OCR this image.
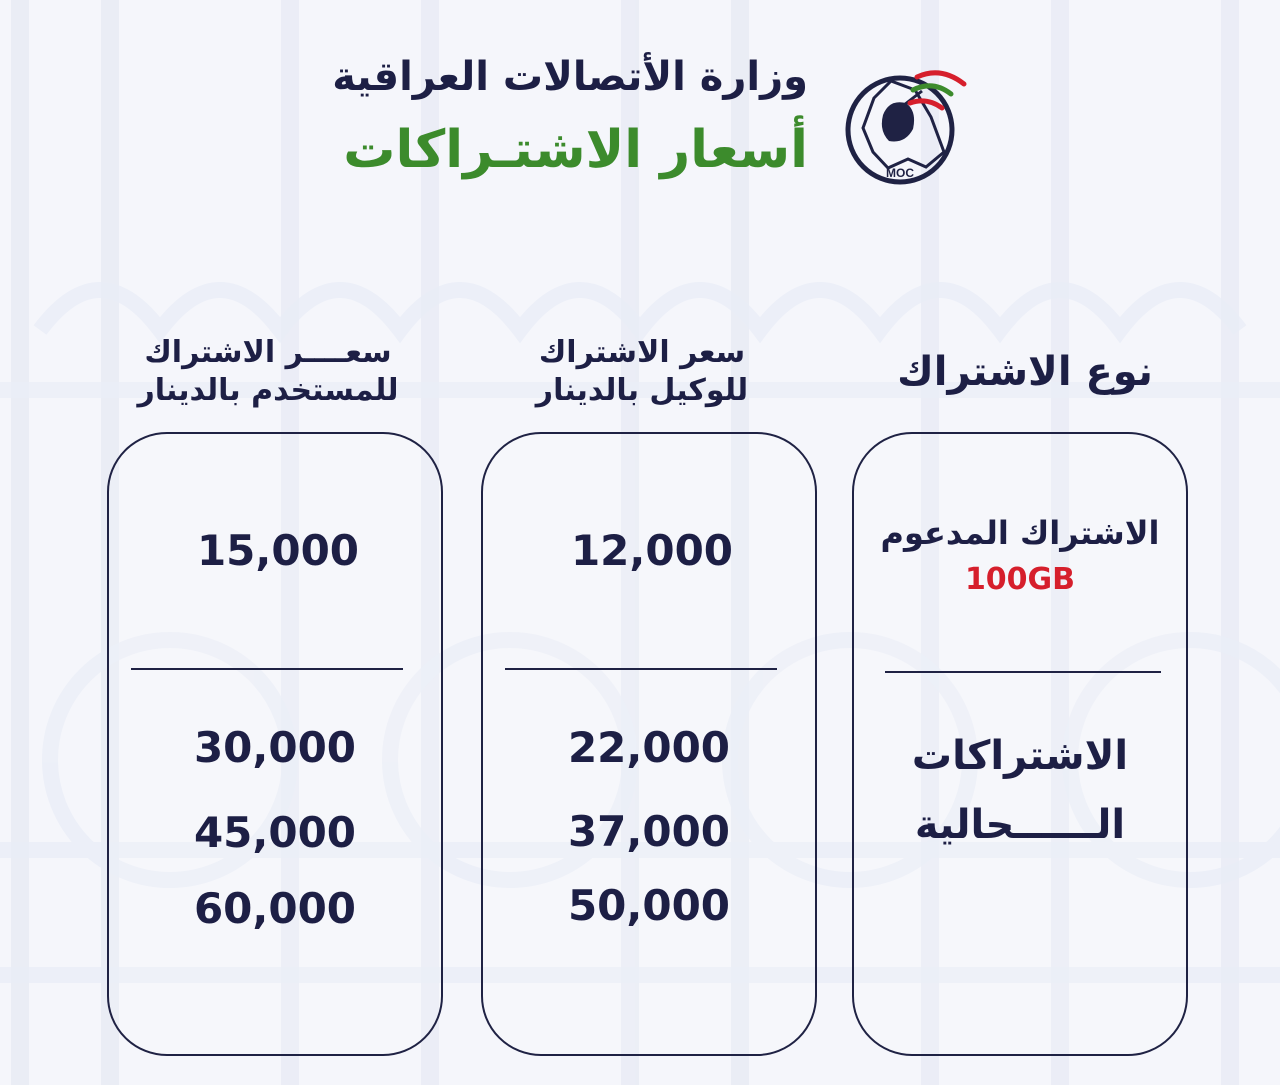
MOC
وزارة الأتصالات العراقية
أسعار الاشتـراكات
سعــــر الاشتراك
للمستخدم بالدينار
سعر الاشتراك
للوكيل بالدينار	نوع الاشتراك
15,000
30,000
45,000
60,000
12,000
22,000
37,000
50,000
الاشتراك المدعوم
100GB
الاشتراكات
الــــــحالية
